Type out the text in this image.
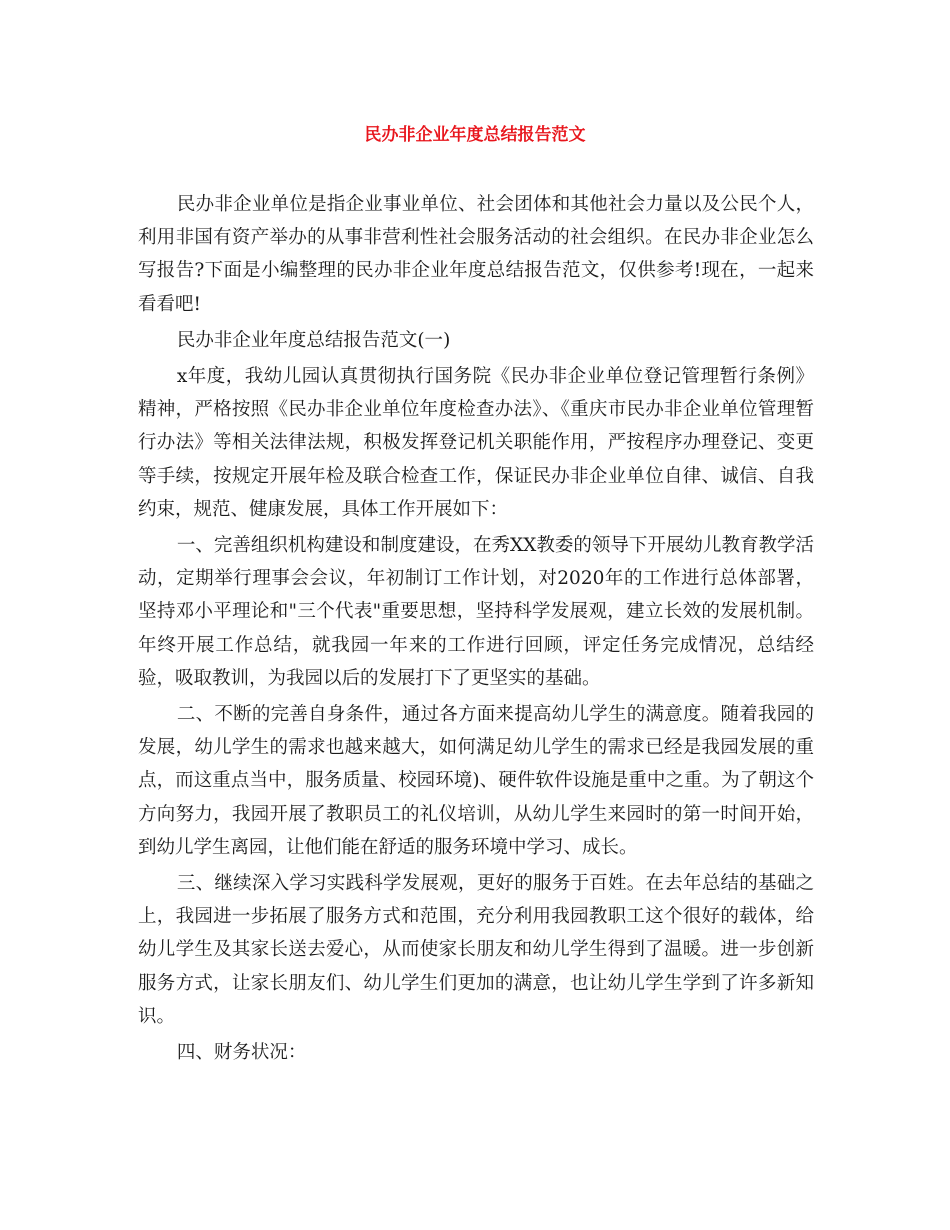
民办非企业年度总结报告范文

民办非企业单位是指企业事业单位、社会团体和其他社会力量以及公民个人，利用非国有资产举办的从事非营利性社会服务活动的社会组织。在民办非企业怎么写报告?下面是小编整理的民办非企业年度总结报告范文，仅供参考!现在，一起来看看吧!

民办非企业年度总结报告范文(一)

x年度，我幼儿园认真贯彻执行国务院《民办非企业单位登记管理暂行条例》精神，严格按照《民办非企业单位年度检查办法》、《重庆市民办非企业单位管理暂行办法》等相关法律法规，积极发挥登记机关职能作用，严按程序办理登记、变更等手续，按规定开展年检及联合检查工作，保证民办非企业单位自律、诚信、自我约束，规范、健康发展，具体工作开展如下：

一、完善组织机构建设和制度建设，在秀XX教委的领导下开展幼儿教育教学活动，定期举行理事会会议，年初制订工作计划，对2020年的工作进行总体部署，坚持邓小平理论和"三个代表"重要思想，坚持科学发展观，建立长效的发展机制。年终开展工作总结，就我园一年来的工作进行回顾，评定任务完成情况，总结经验，吸取教训，为我园以后的发展打下了更坚实的基础。

二、不断的完善自身条件，通过各方面来提高幼儿学生的满意度。随着我园的发展，幼儿学生的需求也越来越大，如何满足幼儿学生的需求已经是我园发展的重点，而这重点当中，服务质量、校园环境)、硬件软件设施是重中之重。为了朝这个方向努力，我园开展了教职员工的礼仪培训，从幼儿学生来园时的第一时间开始，到幼儿学生离园，让他们能在舒适的服务环境中学习、成长。

三、继续深入学习实践科学发展观，更好的服务于百姓。在去年总结的基础之上，我园进一步拓展了服务方式和范围，充分利用我园教职工这个很好的载体，给幼儿学生及其家长送去爱心，从而使家长朋友和幼儿学生得到了温暖。进一步创新服务方式，让家长朋友们、幼儿学生们更加的满意，也让幼儿学生学到了许多新知识。

四、财务状况：
